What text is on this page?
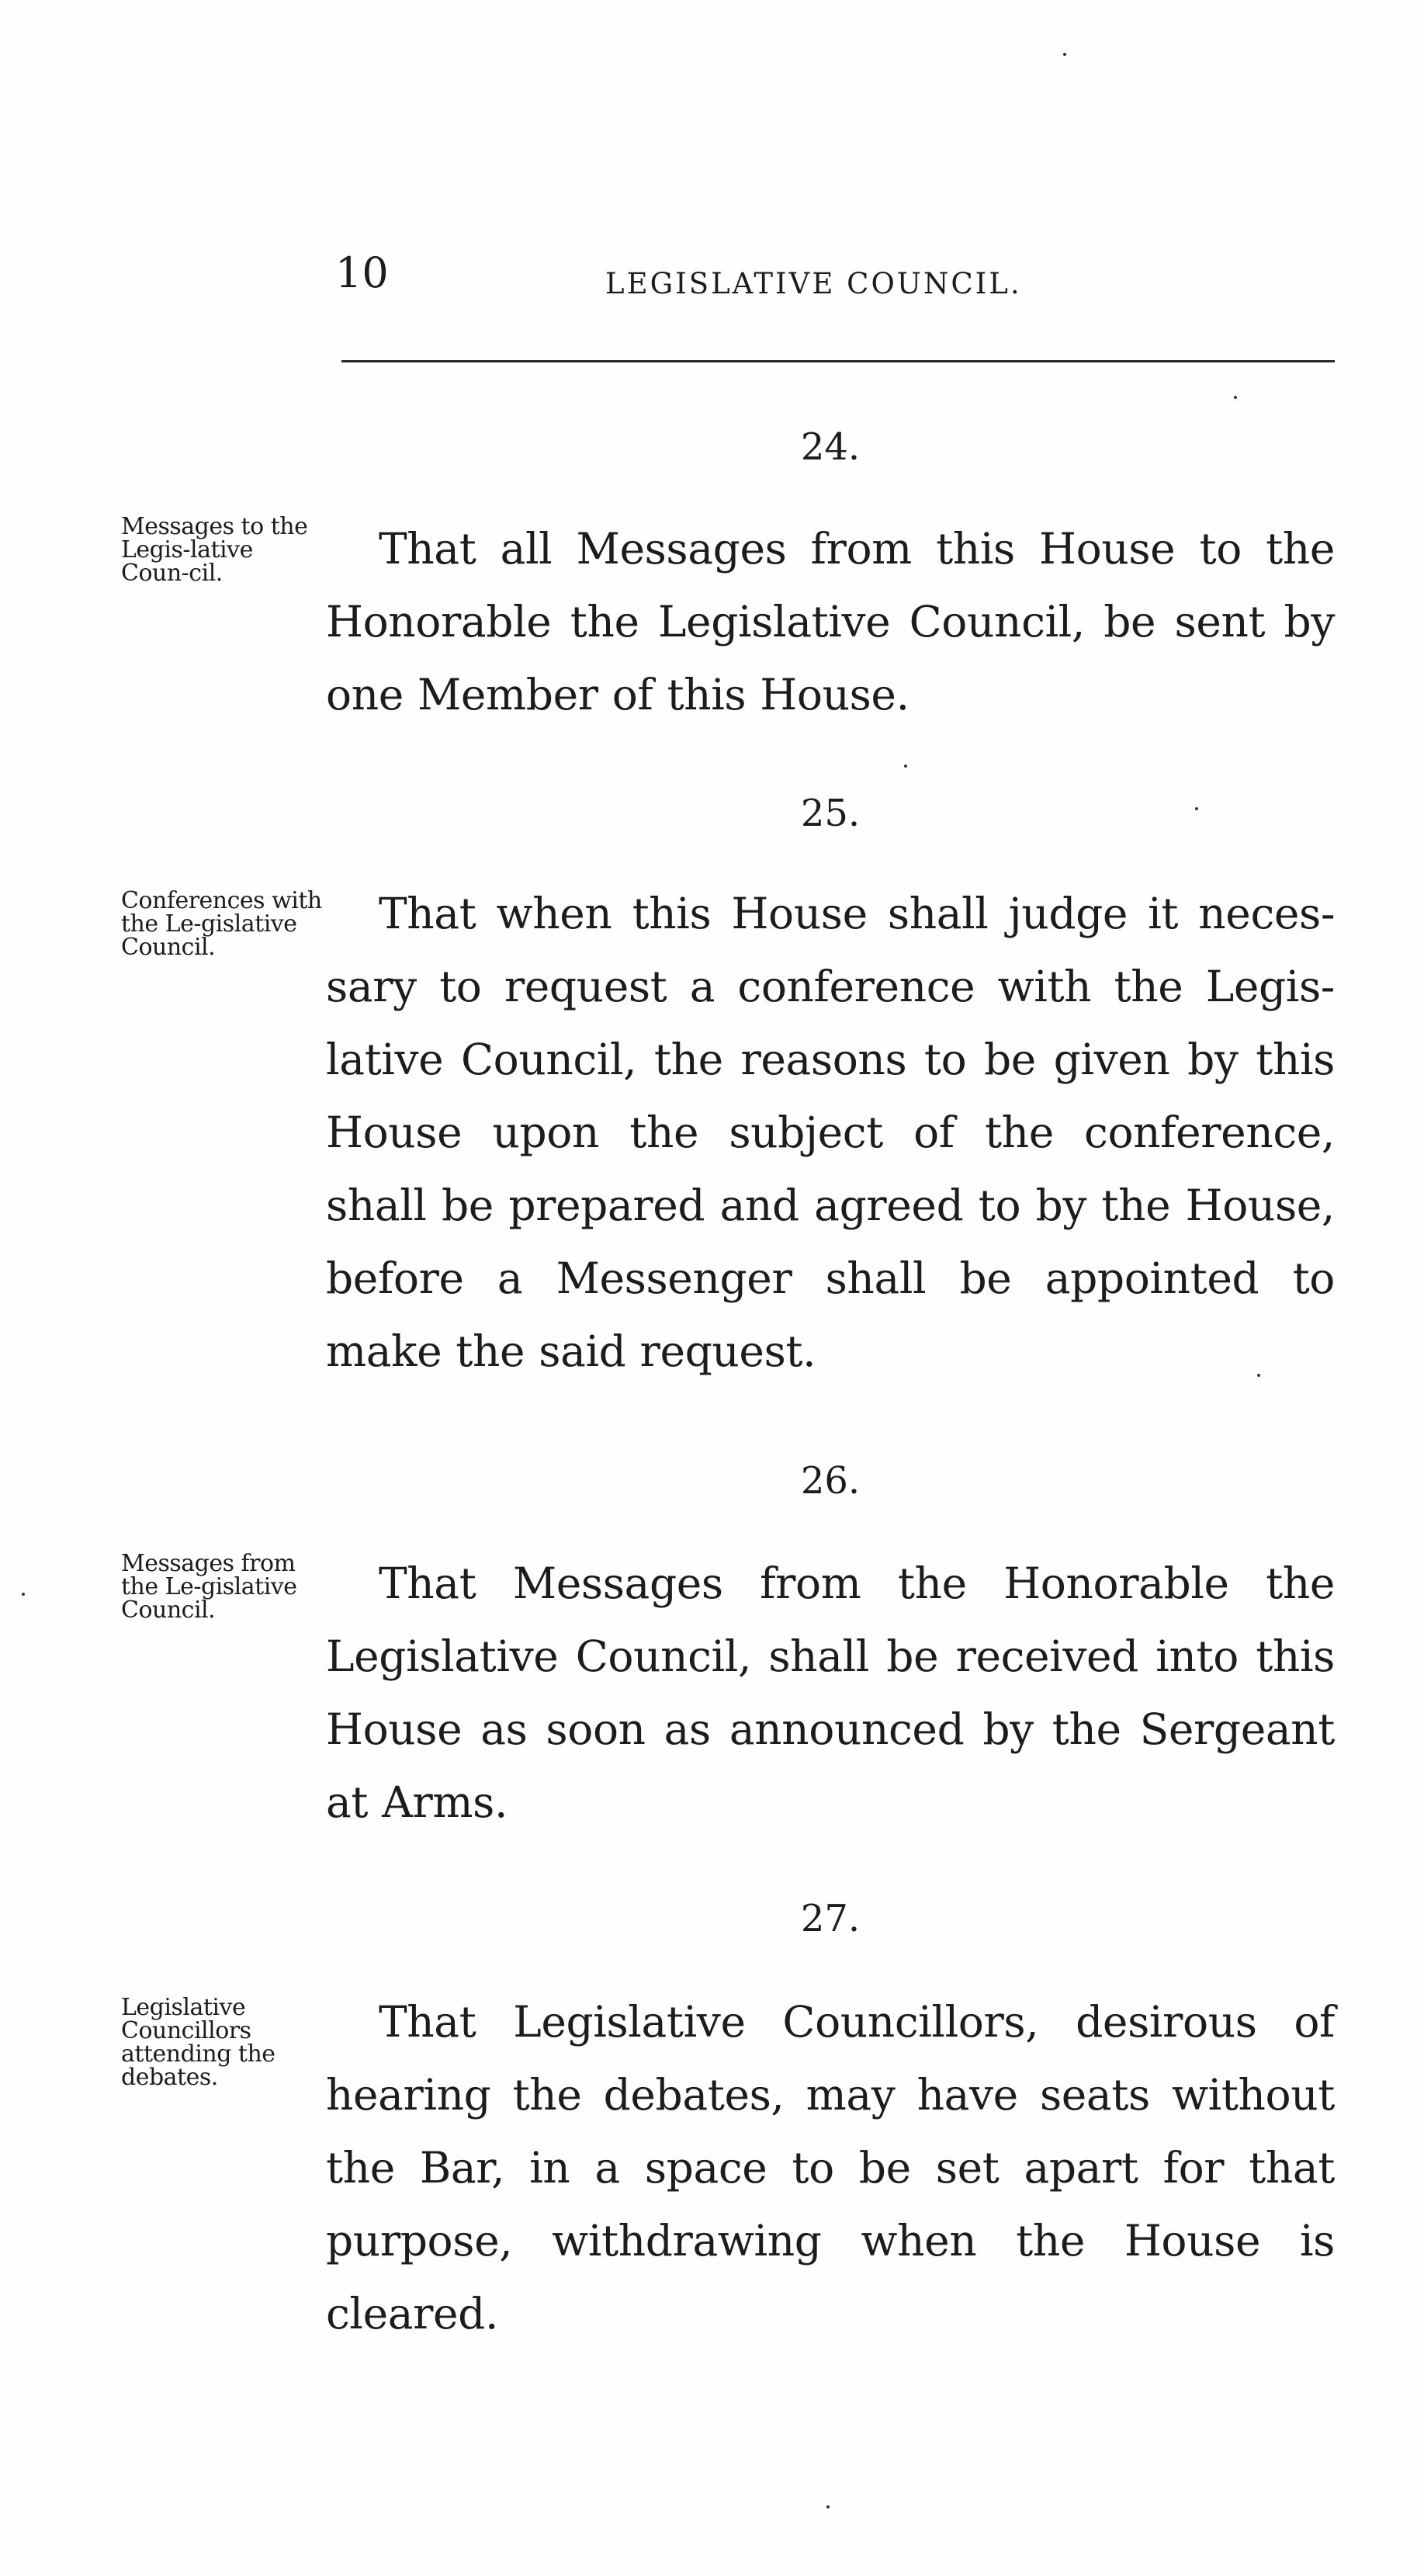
10	LEGISLATIVE COUNCIL.
24.
Messages to the Legis-lative Coun-cil.	That all Messages from this House to the Honorable the Legislative Council, be sent by one Member of this House.

25.
Conferences with the Le-gislative Council.

That when this House shall judge it neces-sary to request a conference with the Legis-lative Council, the reasons to be given by this House upon the subject of the conference, shall be prepared and agreed to by the House, before a Messenger shall be appointed to make the said request.

26.
Messages from the Le-gislative Council.

That Messages from the Honorable the Legislative Council, shall be received into this House as soon as announced by the Sergeant at Arms.

27.
Legislative Councillors attending the debates.

That Legislative Councillors, desirous of hearing the debates, may have seats without the Bar, in a space to be set apart for that purpose, withdrawing when the House is cleared.
